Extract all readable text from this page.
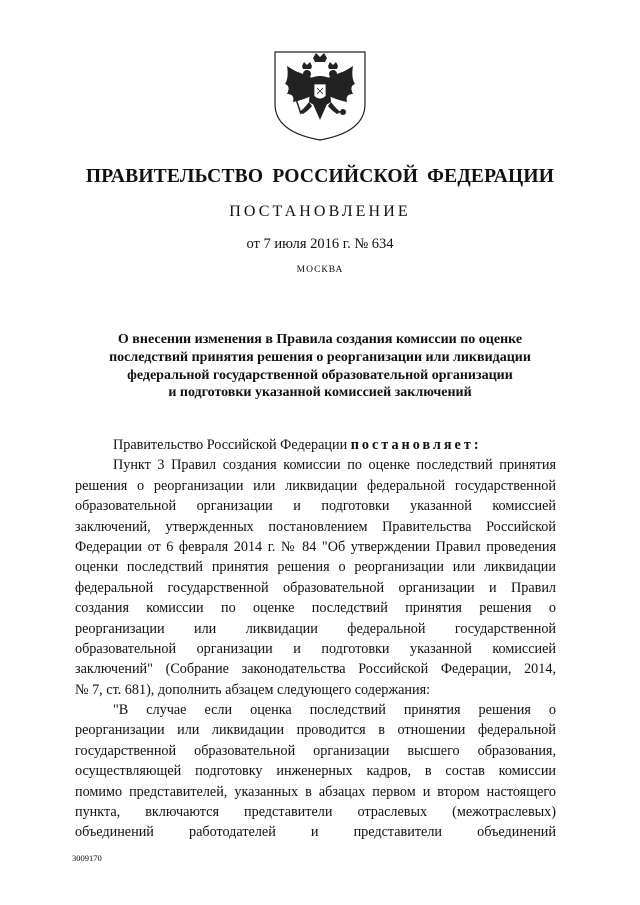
ПРАВИТЕЛЬСТВО РОССИЙСКОЙ ФЕДЕРАЦИИ
ПОСТАНОВЛЕНИЕ
от 7 июля 2016 г. № 634
МОСКВА
О внесении изменения в Правила создания комиссии по оценке
последствий принятия решения о реорганизации или ликвидации
федеральной государственной образовательной организации
и подготовки указанной комиссией заключений
Правительство Российской Федерации постановляет:
Пункт 3 Правил создания комиссии по оценке последствий принятия
решения о реорганизации или ликвидации федеральной государственной
образовательной организации и подготовки указанной комиссией
заключений, утвержденных постановлением Правительства Российской
Федерации от 6 февраля 2014 г. № 84 "Об утверждении Правил проведения
оценки последствий принятия решения о реорганизации или ликвидации
федеральной государственной образовательной организации и Правил
создания комиссии по оценке последствий принятия решения о
реорганизации или ликвидации федеральной государственной
образовательной организации и подготовки указанной комиссией
заключений" (Собрание законодательства Российской Федерации, 2014,
№ 7, ст. 681), дополнить абзацем следующего содержания:
"В случае если оценка последствий принятия решения о
реорганизации или ликвидации проводится в отношении федеральной
государственной образовательной организации высшего образования,
осуществляющей подготовку инженерных кадров, в состав комиссии
помимо представителей, указанных в абзацах первом и втором настоящего
пункта, включаются представители отраслевых (межотраслевых)
объединений работодателей и представители объединений
3009170
